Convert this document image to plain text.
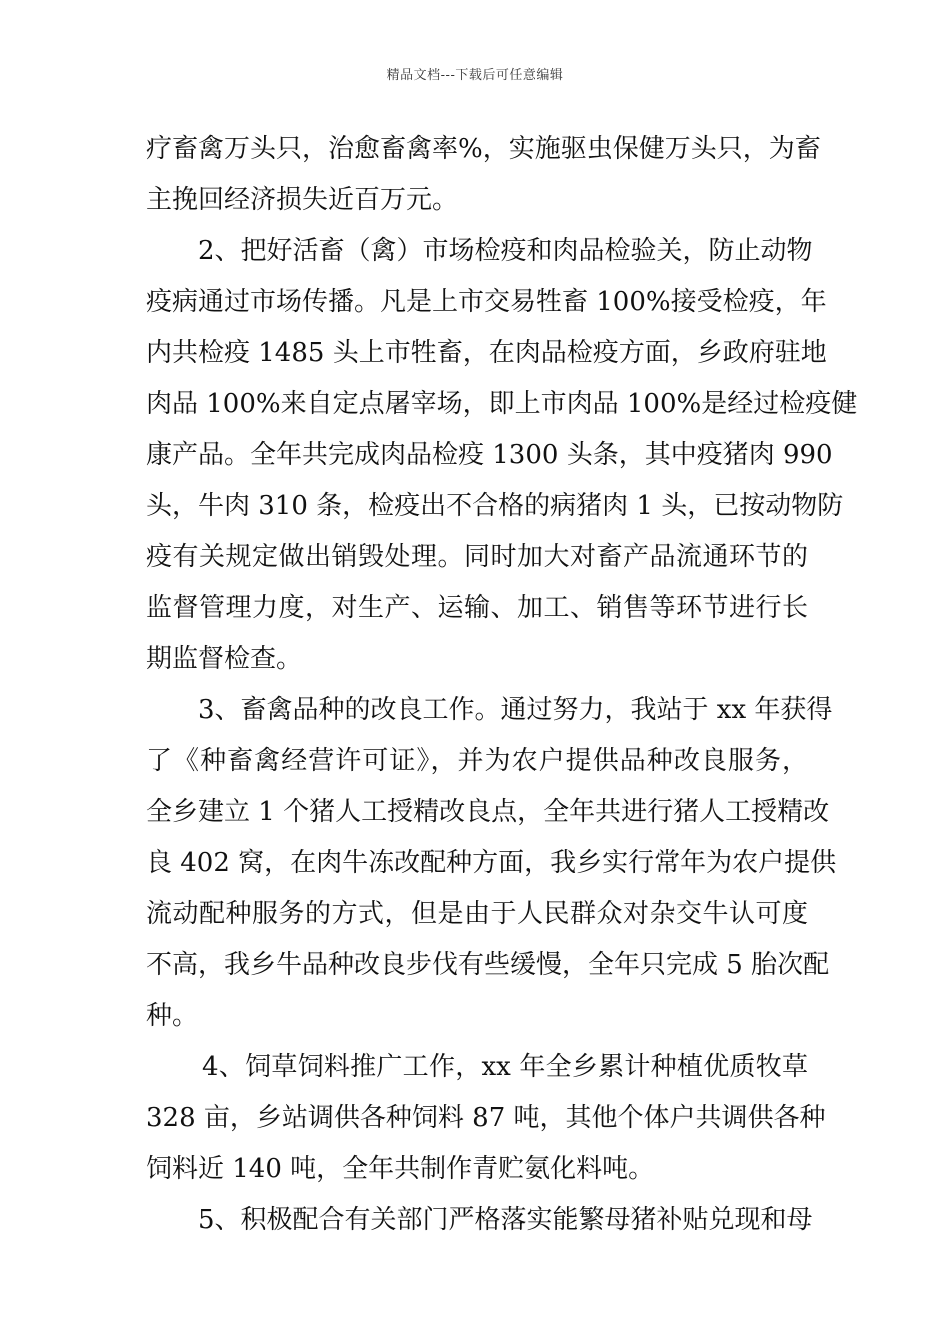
精品文档---下载后可任意编辑
疗畜禽万头只，治愈畜禽率%，实施驱虫保健万头只，为畜
主挽回经济损失近百万元。
2、把好活畜（禽）市场检疫和肉品检验关，防止动物
疫病通过市场传播。凡是上市交易牲畜 100%接受检疫，年
内共检疫 1485 头上市牲畜，在肉品检疫方面，乡政府驻地
肉品 100%来自定点屠宰场，即上市肉品 100%是经过检疫健
康产品。全年共完成肉品检疫 1300 头条，其中疫猪肉 990
头，牛肉 310 条，检疫出不合格的病猪肉 1 头，已按动物防
疫有关规定做出销毁处理。同时加大对畜产品流通环节的
监督管理力度，对生产、运输、加工、销售等环节进行长
期监督检查。
3、畜禽品种的改良工作。通过努力，我站于 xx 年获得
了《种畜禽经营许可证》，并为农户提供品种改良服务，
全乡建立 1 个猪人工授精改良点，全年共进行猪人工授精改
良 402 窝，在肉牛冻改配种方面，我乡实行常年为农户提供
流动配种服务的方式，但是由于人民群众对杂交牛认可度
不高，我乡牛品种改良步伐有些缓慢，全年只完成 5 胎次配
种。
4、饲草饲料推广工作，xx 年全乡累计种植优质牧草
328 亩，乡站调供各种饲料 87 吨，其他个体户共调供各种
饲料近 140 吨，全年共制作青贮氨化料吨。
5、积极配合有关部门严格落实能繁母猪补贴兑现和母
